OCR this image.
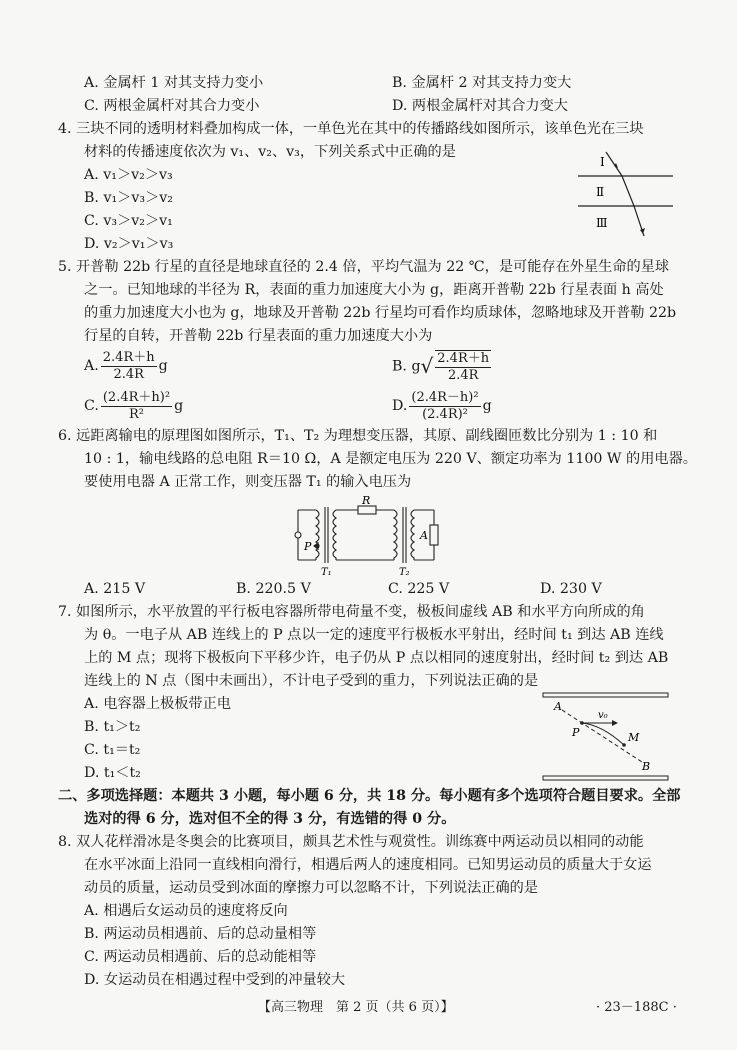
A. 金属杆 1 对其支持力变小	B. 金属杆 2 对其支持力变大
C. 两根金属杆对其合力变小	D. 两根金属杆对其合力变大
4. 三块不同的透明材料叠加构成一体，一单色光在其中的传播路线如图所示，该单色光在三块
材料的传播速度依次为 v₁、v₂、v₃，下列关系式中正确的是
A. v₁＞v₂＞v₃
B. v₁＞v₃＞v₂
C. v₃＞v₂＞v₁
D. v₂＞v₁＞v₃
Ⅰ
Ⅱ
Ⅲ
5. 开普勒 22b 行星的直径是地球直径的 2.4 倍，平均气温为 22 ℃，是可能存在外星生命的星球
之一。已知地球的半径为 R，表面的重力加速度大小为 g，距离开普勒 22b 行星表面 h 高处
的重力加速度大小也为 g，地球及开普勒 22b 行星均可看作均质球体，忽略地球及开普勒 22b
行星的自转，开普勒 22b 行星表面的重力加速度大小为
A. $\frac{2.4R+h}{2.4R}$ g	B. $g√ \frac{2.4R+h}{2.4R}$
C. $\frac{\text{(2.4R＋h)²}}{\text{R²}}$ g	D. $\frac{\text{(2.4R－h)²}}{\text{(2.4R)²}}$ g
6. 远距离输电的原理图如图所示，T₁、T₂ 为理想变压器，其原、副线圈匝数比分别为 1 : 10 和
10 : 1，输电线路的总电阻 R＝10 Ω，A 是额定电压为 220 V、额定功率为 1100 W 的用电器。
要使用电器 A 正常工作，则变压器 T₁ 的输入电压为
R
A
P
T₁	T₂
A. 215 V	B. 220.5 V	C. 225 V	D. 230 V
7. 如图所示，水平放置的平行板电容器所带电荷量不变，极板间虚线 AB 和水平方向所成的角
为 θ。一电子从 AB 连线上的 P 点以一定的速度平行极板水平射出，经时间 t₁ 到达 AB 连线
上的 M 点；现将下极板向下平移少许，电子仍从 P 点以相同的速度射出，经时间 t₂ 到达 AB
连线上的 N 点（图中未画出），不计电子受到的重力，下列说法正确的是
A. 电容器上极板带正电
B. t₁＞t₂
C. t₁＝t₂
D. t₁＜t₂
A
v₀
P	M
B
二、多项选择题：本题共 3 小题，每小题 6 分，共 18 分。每小题有多个选项符合题目要求。全部
选对的得 6 分，选对但不全的得 3 分，有选错的得 0 分。
8. 双人花样滑冰是冬奥会的比赛项目，颇具艺术性与观赏性。训练赛中两运动员以相同的动能
在水平冰面上沿同一直线相向滑行，相遇后两人的速度相同。已知男运动员的质量大于女运
动员的质量，运动员受到冰面的摩擦力可以忽略不计，下列说法正确的是
A. 相遇后女运动员的速度将反向
B. 两运动员相遇前、后的总动量相等
C. 两运动员相遇前、后的总动能相等
D. 女运动员在相遇过程中受到的冲量较大
【高三物理　第 2 页（共 6 页）】	· 23－188C ·
